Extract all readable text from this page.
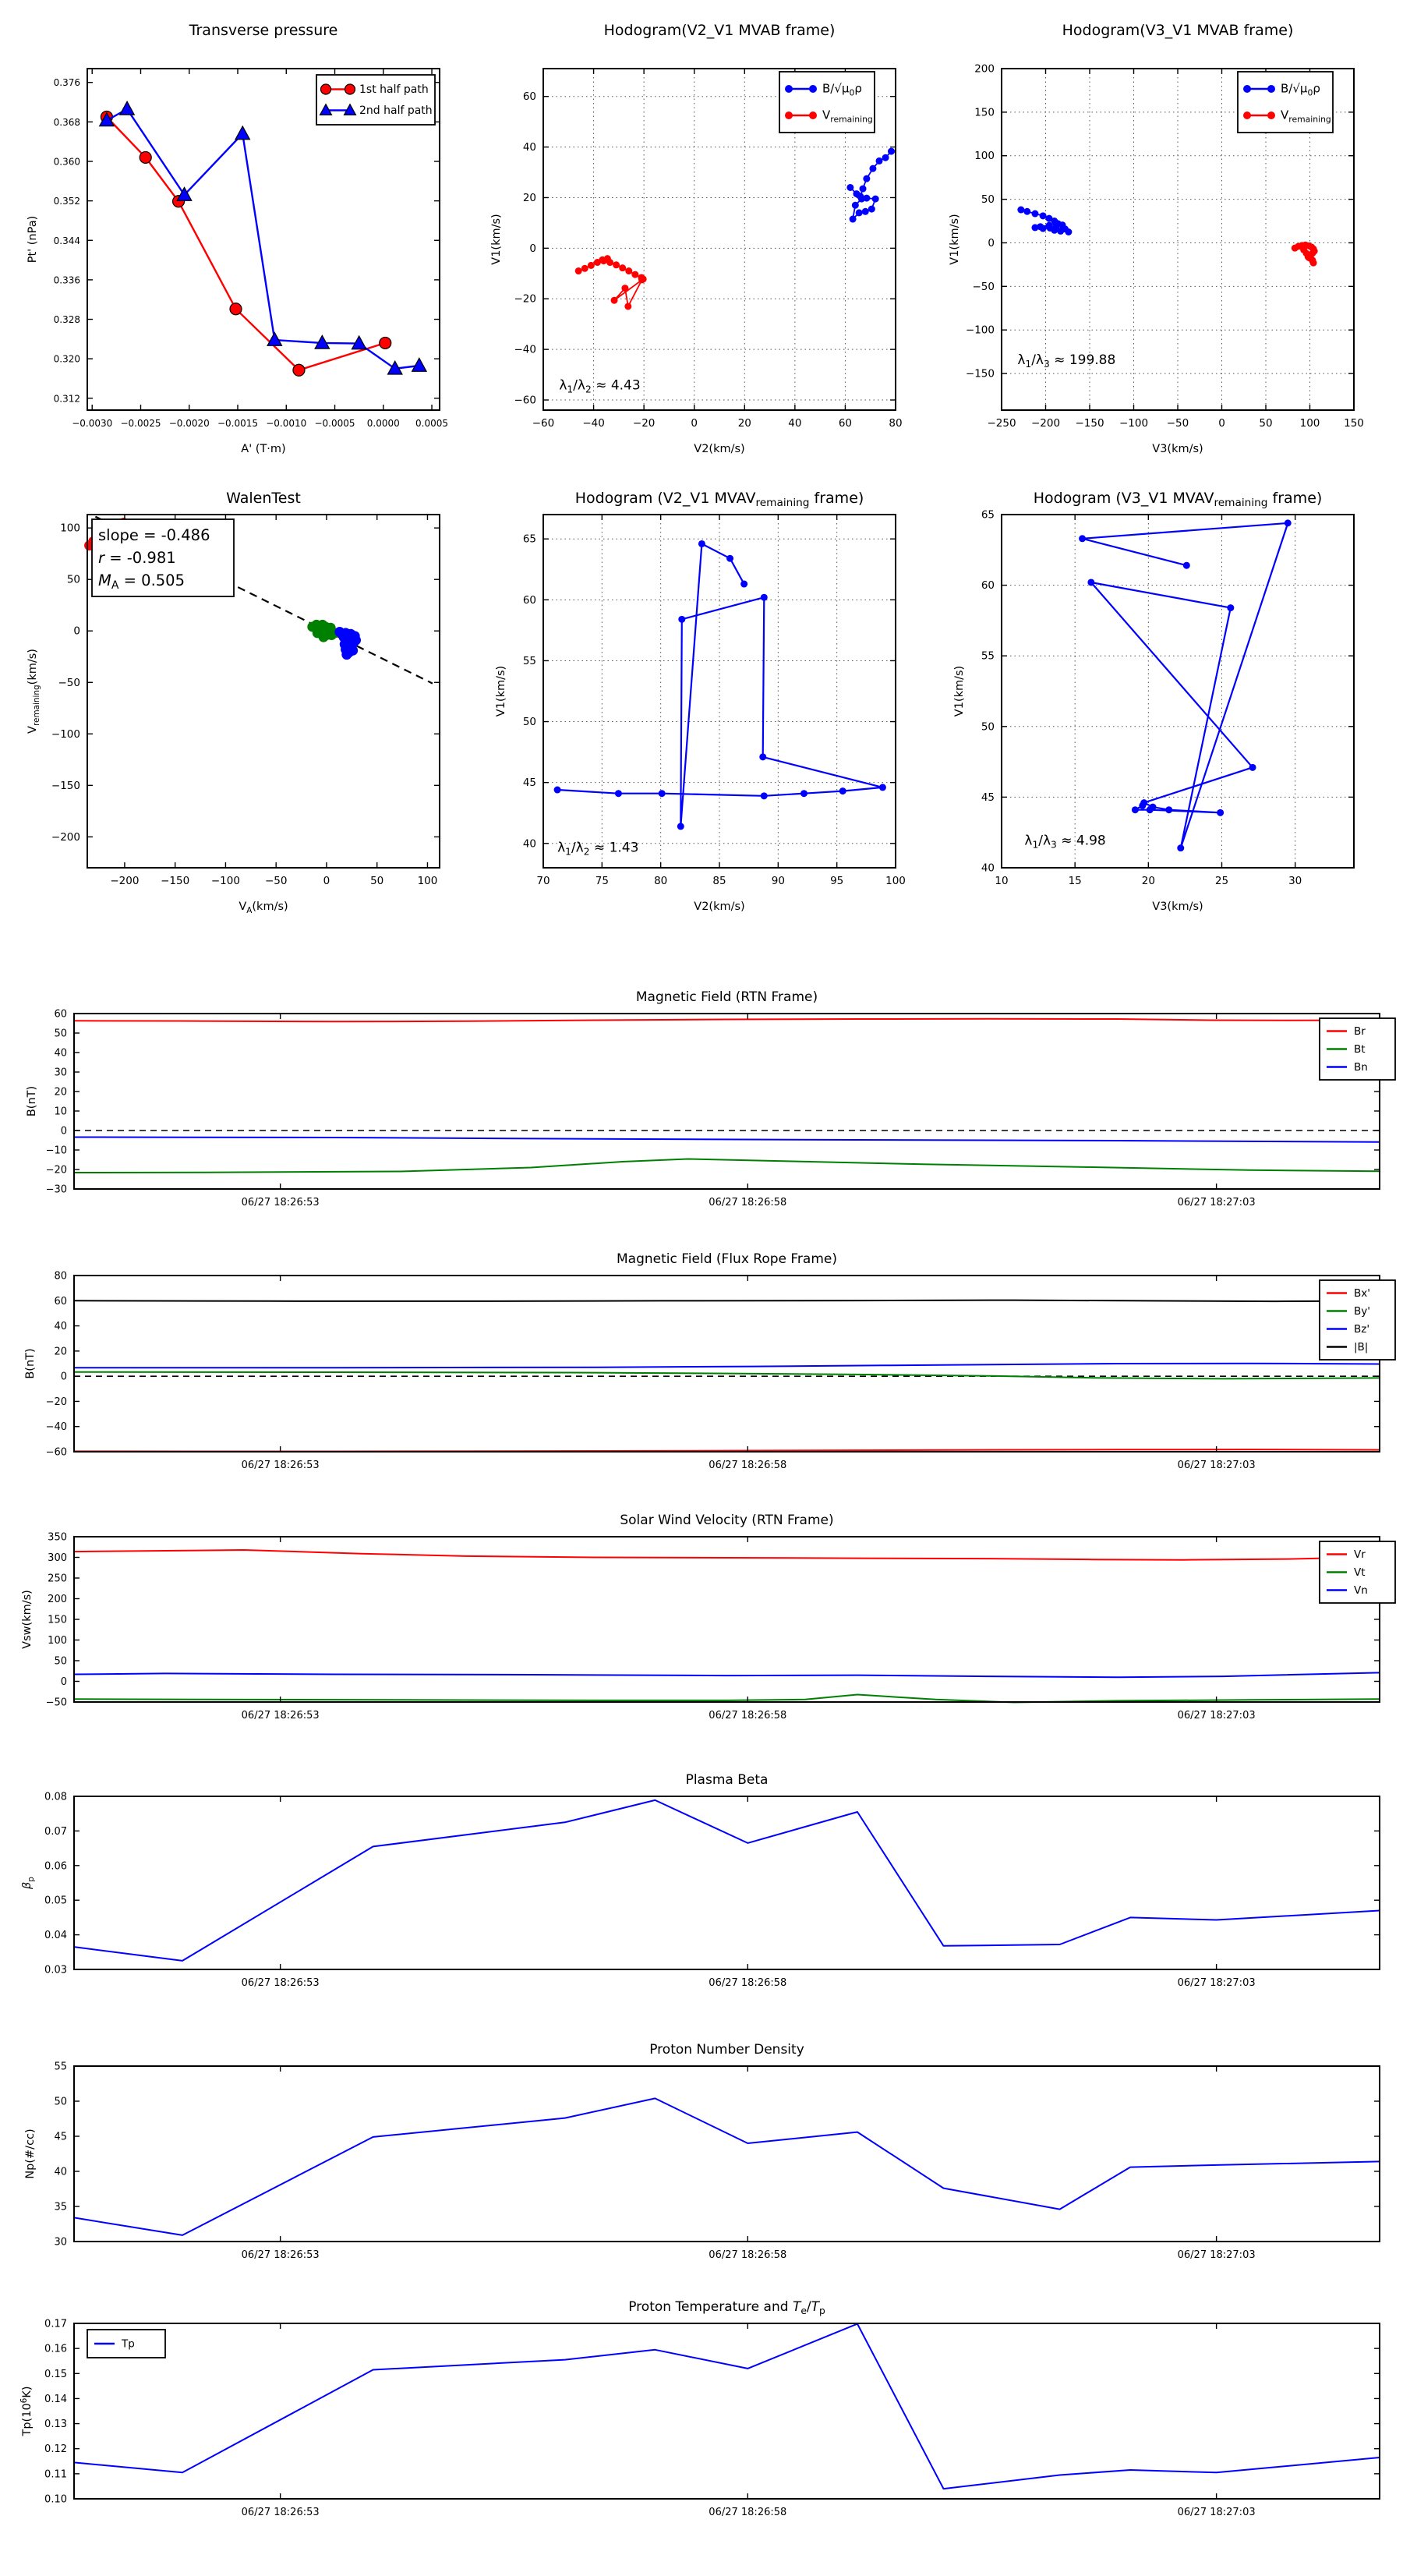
−0.0030 −0.0025 −0.0020 −0.0015 −0.0010 −0.0005 0.0000 0.0005
0.312
0.320
0.328
0.336
0.344
0.352
0.360
0.368
0.376
Transverse pressure
A' (T·m)
Pt' (nPa)
1st half path
2nd half path
−60	−40	−20	0	20	40	60	80
60
40
20
0
−20
−40
−60
Hodogram(V2_V1 MVAB frame)
V2(km/s)
V1(km/s)
$\lambda_1/\lambda_2 \approx 4.43$
$B/√\mu_0\rho$
$V_{remaining}$
−250 −200 −150 −100 −50	0	50	100 150
200
150
100
50
0
−50
−100
−150
Hodogram(V3_V1 MVAB frame)
V3(km/s)
V1(km/s)
$\lambda_1/\lambda_3 \approx 199.88$
$B/√\mu_0\rho$
$V_{remaining}$
−200 −150 −100 −50	0	50	100
100
50
0
−50
−100
−150
−200
WalenTest
$V_A(km/s)$
$V_{remaining}(km/s)$
slope = -0.486
r = -0.981
$M_A = 0.505$
70	75	80	85	90	95	100
65
60
55
50
45
40
Hodogram (V2_V1 $MVAV_{remaining}$ frame)
V2(km/s)
V1(km/s)
$\lambda_1/\lambda_2 \approx 1.43$
10	15	20	25	30
65
60
55
50
45
40
Hodogram (V3_V1 $MVAV_{remaining}$ frame)
V3(km/s)
V1(km/s)
$\lambda_1/\lambda_3 \approx 4.98$
06/27 18:26:53	06/27 18:26:58	06/27 18:27:03
60
50
40
30
20
10
0
−10
−20
−30
Magnetic Field (RTN Frame)
B(nT)
Br
Bt
Bn
06/27 18:26:53	06/27 18:26:58	06/27 18:27:03
80
60
40
20
0
−20
−40
−60
Magnetic Field (Flux Rope Frame)
B(nT)
Bx'
By'
Bz'
|B|
06/27 18:26:53	06/27 18:26:58	06/27 18:27:03
350
300
250
200
150
100
50
0
−50
Solar Wind Velocity (RTN Frame)
Vsw(km/s)
Vr
Vt
Vn
06/27 18:26:53	06/27 18:26:58	06/27 18:27:03
0.08
0.07
0.06
0.05
0.04
0.03
Plasma Beta
$\beta_p$
06/27 18:26:53	06/27 18:26:58	06/27 18:27:03
55
50
45
40
35
30
Proton Number Density
Np(#/cc)
06/27 18:26:53	06/27 18:26:58	06/27 18:27:03
0.17
0.16
0.15
0.14
0.13
0.12
0.11
0.10
Proton Temperature and $T_e/T_p$
$Tp(10^6K)$
Tp
